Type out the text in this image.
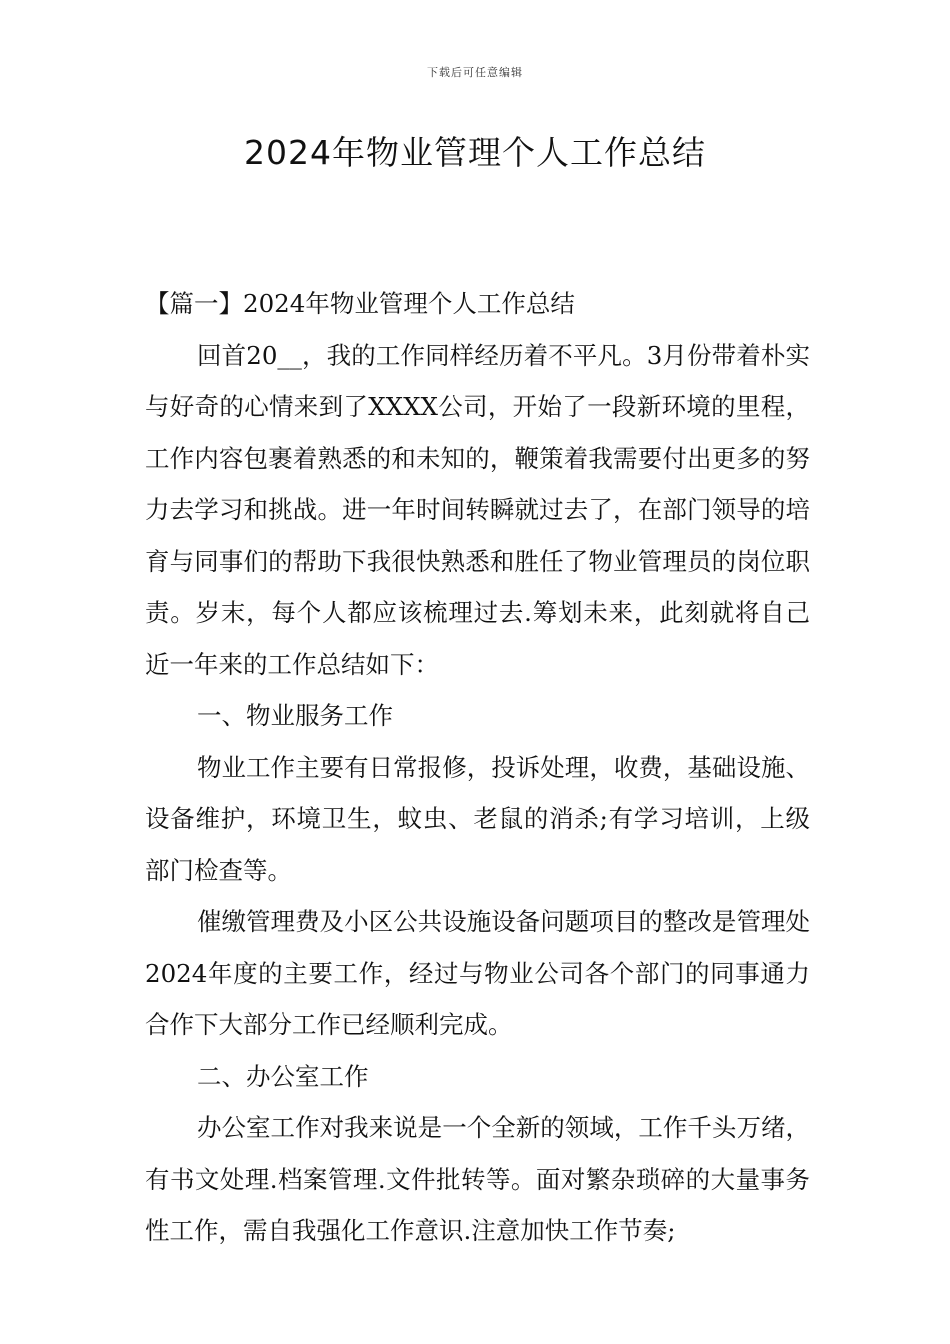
下载后可任意编辑
2024年物业管理个人工作总结

【篇一】2024年物业管理个人工作总结

回首20__，我的工作同样经历着不平凡。3月份带着朴实与好奇的心情来到了XXXX公司，开始了一段新环境的里程，工作内容包裹着熟悉的和未知的，鞭策着我需要付出更多的努力去学习和挑战。进一年时间转瞬就过去了，在部门领导的培育与同事们的帮助下我很快熟悉和胜任了物业管理员的岗位职责。岁末，每个人都应该梳理过去.筹划未来，此刻就将自己近一年来的工作总结如下：

一、物业服务工作

物业工作主要有日常报修，投诉处理，收费，基础设施、设备维护，环境卫生，蚊虫、老鼠的消杀;有学习培训，上级部门检查等。

催缴管理费及小区公共设施设备问题项目的整改是管理处2024年度的主要工作，经过与物业公司各个部门的同事通力合作下大部分工作已经顺利完成。

二、办公室工作

办公室工作对我来说是一个全新的领域，工作千头万绪，有书文处理.档案管理.文件批转等。面对繁杂琐碎的大量事务性工作，需自我强化工作意识.注意加快工作节奏;
